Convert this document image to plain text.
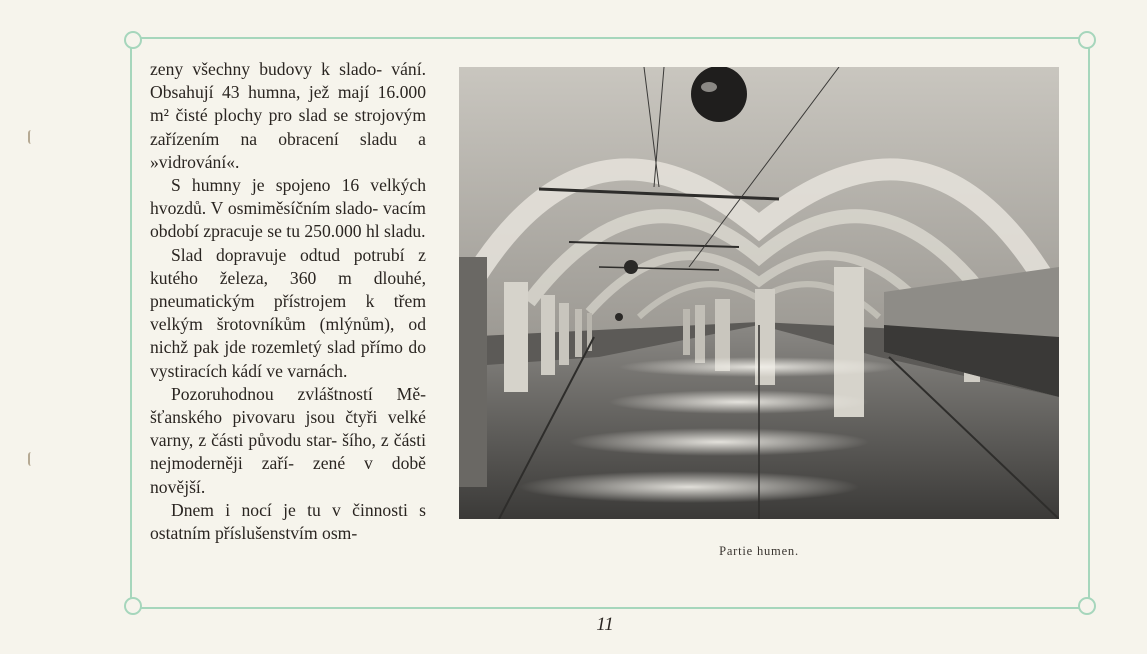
zeny všechny budovy k slado- vání. Obsahují 43 humna, jež mají 16.000 m² čisté plochy pro slad se strojovým zařízením na obracení sladu a »vidrování«.

S humny je spojeno 16 velkých hvozdů. V osmiměsíčním slado- vacím období zpracuje se tu 250.000 hl sladu.

Slad dopravuje odtud potrubí z kutého železa, 360 m dlouhé, pneumatickým přístrojem k třem velkým šrotovníkům (mlýnům), od nichž pak jde rozemletý slad přímo do vystiracích kádí ve varnách.

Pozoruhodnou zvláštností Mě- šťanského pivovaru jsou čtyři velké varny, z části původu star- šího, z části nejmoderněji zaří- zené v době novější.

Dnem i nocí je tu v činnosti s ostatním příslušenstvím osm-

Partie humen.
11
